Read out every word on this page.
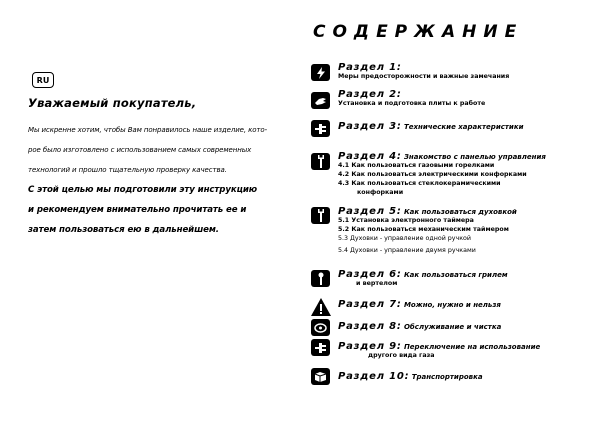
RU
Уважаемый покупатель,
Мы искренне хотим, чтобы Вам понравилось наше изделие, кото-
рое было изготовлено с использованием самых современных
технологий и прошло тщательную проверку качества.
С этой целью мы подготовили эту инструкцию
и рекомендуем внимательно прочитать ее и
затем пользоваться ею в дальнейшем.
СОДЕРЖАНИЕ
Раздел 1:
Меры предосторожности и важные замечания
Раздел 2:
Установка и подготовка плиты к работе
Раздел 3: Технические характеристики
Раздел 4: Знакомство с панелью управления
4.1 Как пользоваться газовыми горелками
4.2 Как пользоваться электрическими конфорками
4.3 Как пользоваться стеклокерамическими
конфорками
Раздел 5: Как пользоваться духовкой
5.1 Установка электронного таймера
5.2 Как пользоваться механическим таймером
5.3 Духовки - управление одной ручкой
5.4 Духовки - управление двумя ручками
Раздел 6: Как пользоваться грилем
и вертелом
Раздел 7: Можно, нужно и нельзя
Раздел 8: Обслуживание и чистка
Раздел 9: Переключение на использование
другого вида газа
Раздел 10: Транспортировка
